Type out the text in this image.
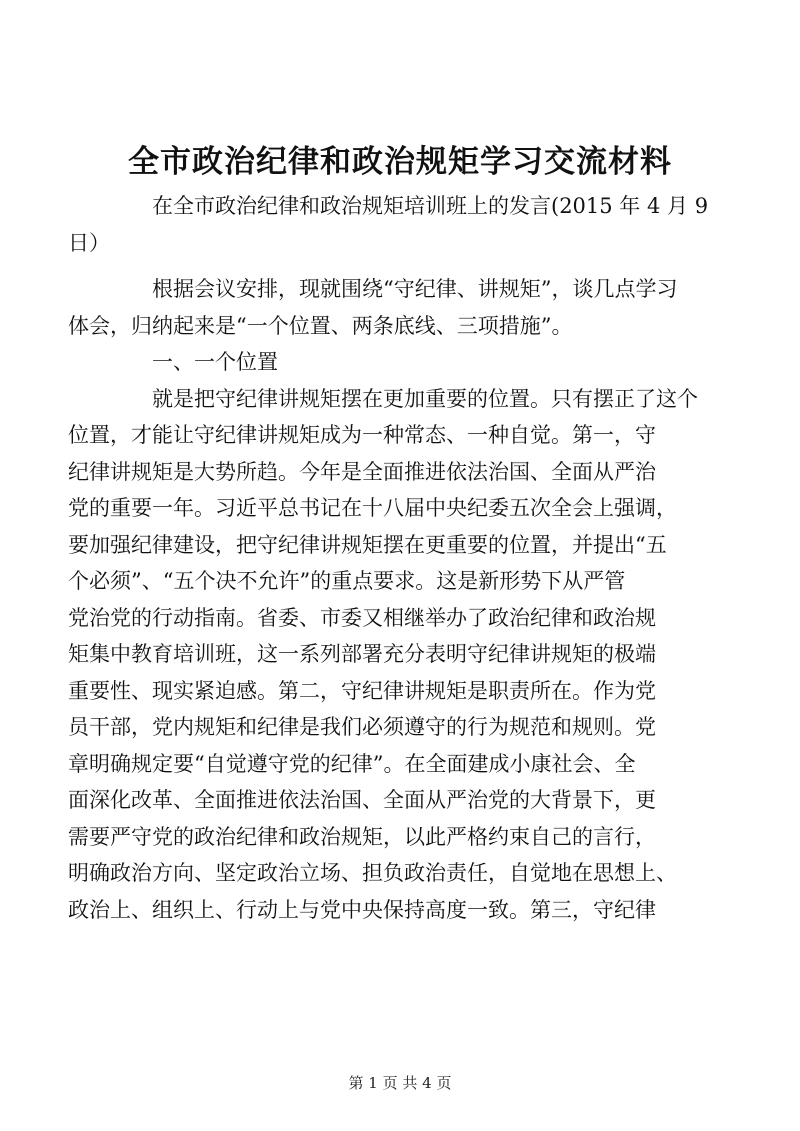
全市政治纪律和政治规矩学习交流材料

在全市政治纪律和政治规矩培训班上的发言(2015 年 4 月 9
日）

根据会议安排，现就围绕“守纪律、讲规矩”，谈几点学习
体会，归纳起来是“一个位置、两条底线、三项措施”。

一、一个位置

就是把守纪律讲规矩摆在更加重要的位置。只有摆正了这个
位置，才能让守纪律讲规矩成为一种常态、一种自觉。第一，守
纪律讲规矩是大势所趋。今年是全面推进依法治国、全面从严治
党的重要一年。习近平总书记在十八届中央纪委五次全会上强调，
要加强纪律建设，把守纪律讲规矩摆在更重要的位置，并提出“五
个必须”、“五个决不允许”的重点要求。这是新形势下从严管
党治党的行动指南。省委、市委又相继举办了政治纪律和政治规
矩集中教育培训班，这一系列部署充分表明守纪律讲规矩的极端
重要性、现实紧迫感。第二，守纪律讲规矩是职责所在。作为党
员干部，党内规矩和纪律是我们必须遵守的行为规范和规则。党
章明确规定要“自觉遵守党的纪律”。在全面建成小康社会、全
面深化改革、全面推进依法治国、全面从严治党的大背景下，更
需要严守党的政治纪律和政治规矩，以此严格约束自己的言行，
明确政治方向、坚定政治立场、担负政治责任，自觉地在思想上、
政治上、组织上、行动上与党中央保持高度一致。第三，守纪律

第 1 页 共 4 页
